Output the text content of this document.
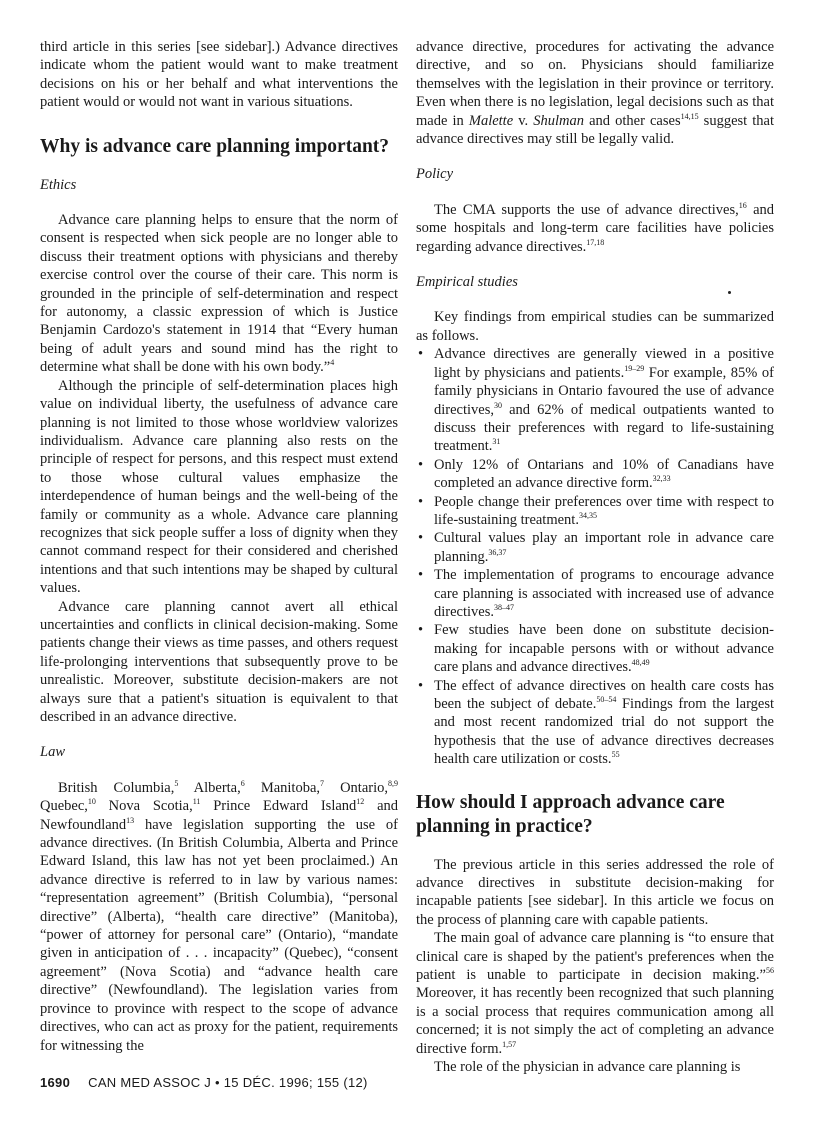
third article in this series [see sidebar].) Advance directives indicate whom the patient would want to make treatment decisions on his or her behalf and what interventions the patient would or would not want in various situations.

Why is advance care planning important?
Ethics

Advance care planning helps to ensure that the norm of consent is respected when sick people are no longer able to discuss their treatment options with physicians and thereby exercise control over the course of their care. This norm is grounded in the principle of self-determination and respect for autonomy, a classic expression of which is Justice Benjamin Cardozo's statement in 1914 that “Every human being of adult years and sound mind has the right to determine what shall be done with his own body.”$^4$

Although the principle of self-determination places high value on individual liberty, the usefulness of advance care planning is not limited to those whose worldview valorizes individualism. Advance care planning also rests on the principle of respect for persons, and this respect must extend to those whose cultural values emphasize the interdependence of human beings and the well-being of the family or community as a whole. Advance care planning recognizes that sick people suffer a loss of dignity when they cannot command respect for their considered and cherished intentions and that such intentions may be shaped by cultural values.

Advance care planning cannot avert all ethical uncertainties and conflicts in clinical decision-making. Some patients change their views as time passes, and others request life-prolonging interventions that subsequently prove to be unrealistic. Moreover, substitute decision-makers are not always sure that a patient's situation is equivalent to that described in an advance directive.

Law

British Columbia,$^5$ Alberta,$^6$ Manitoba,$^7$ Ontario,$^{8,9}$ Quebec,$^{10}$ Nova Scotia,$^{11}$ Prince Edward Island$^{12}$ and Newfoundland$^{13}$ have legislation supporting the use of advance directives. (In British Columbia, Alberta and Prince Edward Island, this law has not yet been proclaimed.) An advance directive is referred to in law by various names: “representation agreement” (British Columbia), “personal directive” (Alberta), “health care directive” (Manitoba), “power of attorney for personal care” (Ontario), “mandate given in anticipation of . . . incapacity” (Quebec), “consent agreement” (Nova Scotia) and “advance health care directive” (Newfoundland). The legislation varies from province to province with respect to the scope of advance directives, who can act as proxy for the patient, requirements for witnessing the

advance directive, procedures for activating the advance directive, and so on. Physicians should familiarize themselves with the legislation in their province or territory. Even when there is no legislation, legal decisions such as that made in Malette v. Shulman and other cases$^{14,15}$ suggest that advance directives may still be legally valid.

Policy

The CMA supports the use of advance directives,$^{16}$ and some hospitals and long-term care facilities have policies regarding advance directives.$^{17,18}$

Empirical studies

Key findings from empirical studies can be summarized as follows.

• Advance directives are generally viewed in a positive light by physicians and patients.$^{19-29}$ For example, 85% of family physicians in Ontario favoured the use of advance directives,$^{30}$ and 62% of medical outpatients wanted to discuss their preferences with regard to life-sustaining treatment.$^{31}$
• Only 12% of Ontarians and 10% of Canadians have completed an advance directive form.$^{32,33}$
• People change their preferences over time with respect to life-sustaining treatment.$^{34,35}$
• Cultural values play an important role in advance care planning.$^{36,37}$
• The implementation of programs to encourage advance care planning is associated with increased use of advance directives.$^{38-47}$
• Few studies have been done on substitute decision-making for incapable persons with or without advance care plans and advance directives.$^{48,49}$
• The effect of advance directives on health care costs has been the subject of debate.$^{50-54}$ Findings from the largest and most recent randomized trial do not support the hypothesis that the use of advance directives decreases health care utilization or costs.$^{55}$
How should I approach advance care planning in practice?

The previous article in this series addressed the role of advance directives in substitute decision-making for incapable patients [see sidebar]. In this article we focus on the process of planning care with capable patients.

The main goal of advance care planning is “to ensure that clinical care is shaped by the patient's preferences when the patient is unable to participate in decision making.”$^{56}$ Moreover, it has recently been recognized that such planning is a social process that requires communication among all concerned; it is not simply the act of completing an advance directive form.$^{1,57}$

The role of the physician in advance care planning is

1690 CAN MED ASSOC J • 15 DÉC. 1996; 155 (12)
